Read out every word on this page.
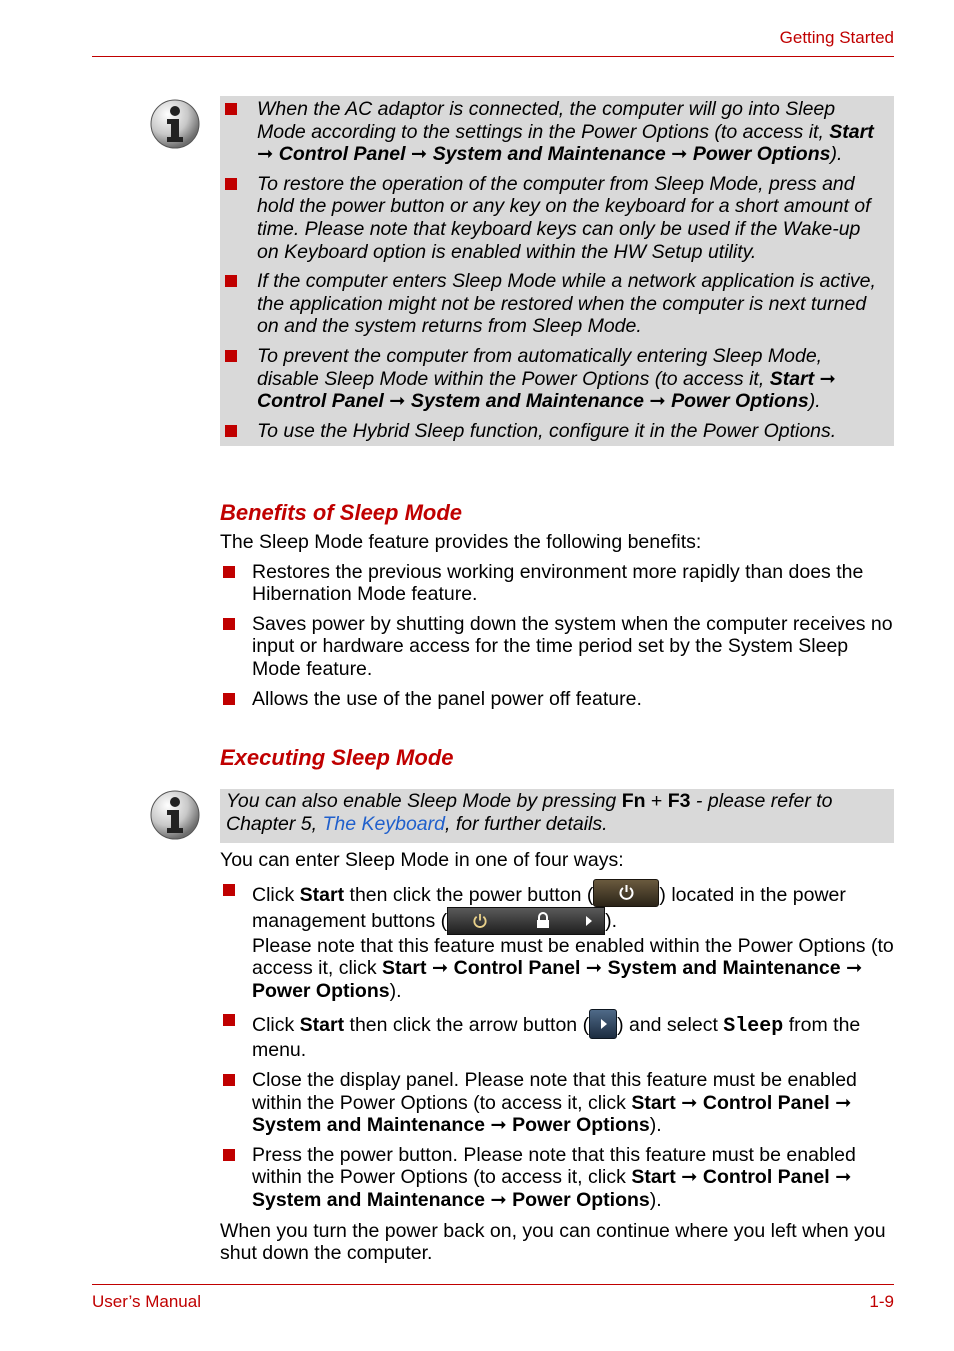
Getting Started
When the AC adaptor is connected, the computer will go into Sleep Mode according to the settings in the Power Options (to access it, Start ➞ Control Panel ➞ System and Maintenance ➞ Power Options).
To restore the operation of the computer from Sleep Mode, press and hold the power button or any key on the keyboard for a short amount of time. Please note that keyboard keys can only be used if the Wake-up on Keyboard option is enabled within the HW Setup utility.
If the computer enters Sleep Mode while a network application is active, the application might not be restored when the computer is next turned on and the system returns from Sleep Mode.
To prevent the computer from automatically entering Sleep Mode, disable Sleep Mode within the Power Options (to access it, Start ➞ Control Panel ➞ System and Maintenance ➞ Power Options).
To use the Hybrid Sleep function, configure it in the Power Options.
Benefits of Sleep Mode

The Sleep Mode feature provides the following benefits:

Restores the previous working environment more rapidly than does the Hibernation Mode feature.
Saves power by shutting down the system when the computer receives no input or hardware access for the time period set by the System Sleep Mode feature.
Allows the use of the panel power off feature.
Executing Sleep Mode
You can also enable Sleep Mode by pressing Fn + F3 - please refer to Chapter 5, The Keyboard, for further details.

You can enter Sleep Mode in one of four ways:

Click Start then click the power button (	) located in the power management buttons (	).
Please note that this feature must be enabled within the Power Options (to access it, click Start ➞ Control Panel ➞ System and Maintenance ➞ Power Options).
Click Start then click the arrow button ( ) and select Sleep from the menu.
Close the display panel. Please note that this feature must be enabled within the Power Options (to access it, click Start ➞ Control Panel ➞ System and Maintenance ➞ Power Options).
Press the power button. Please note that this feature must be enabled within the Power Options (to access it, click Start ➞ Control Panel ➞ System and Maintenance ➞ Power Options).

When you turn the power back on, you can continue where you left when you shut down the computer.

User’s Manual	1-9
